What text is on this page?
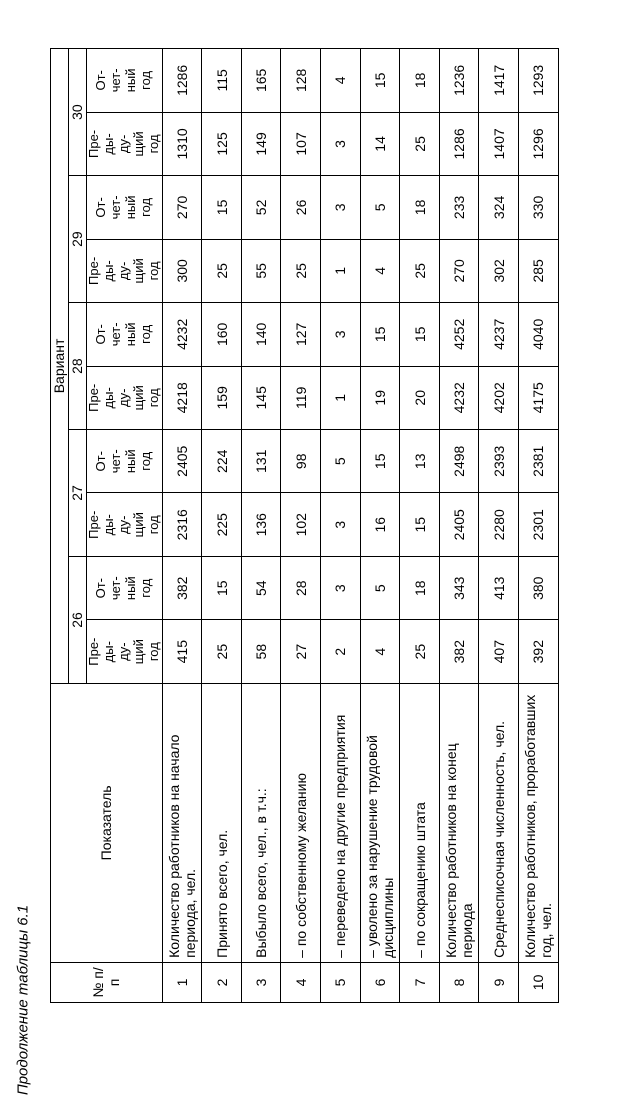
Продолжение таблицы 6.1	№ п/п	Показатель	Вариант									
		26		27		28		29		30	
		Пре-
ды-
ду-
щий
год	От-
чет-
ный
год	Пре-
ды-
ду-
щий
год	От-
чет-
ный
год	Пре-
ды-
ду-
щий
год	От-
чет-
ный
год	Пре-
ды-
ду-
щий
год	От-
чет-
ный
год	Пре-
ды-
ду-
щий
год	От-
чет-
ный
год
1	Количество работников на начало периода, чел.	415	382	2316	2405	4218	4232	300	270	1310	1286
2	Принято всего, чел.	25	15	225	224	159	160	25	15	125	115
3	Выбыло всего, чел., в т.ч.:	58	54	136	131	145	140	55	52	149	165
4	– по собственному желанию	27	28	102	98	119	127	25	26	107	128
5	– переведено на другие предприятия	2	3	3	5	1	3	1	3	3	4
6	– уволено за нарушение трудовой дисциплины	4	5	16	15	19	15	4	5	14	15
7	– по сокращению штата	25	18	15	13	20	15	25	18	25	18
8	Количество работников на конец периода	382	343	2405	2498	4232	4252	270	233	1286	1236
9	Среднесписочная численность, чел.	407	413	2280	2393	4202	4237	302	324	1407	1417
10	Количество работников, проработавших год, чел.	392	380	2301	2381	4175	4040	285	330	1296	1293
